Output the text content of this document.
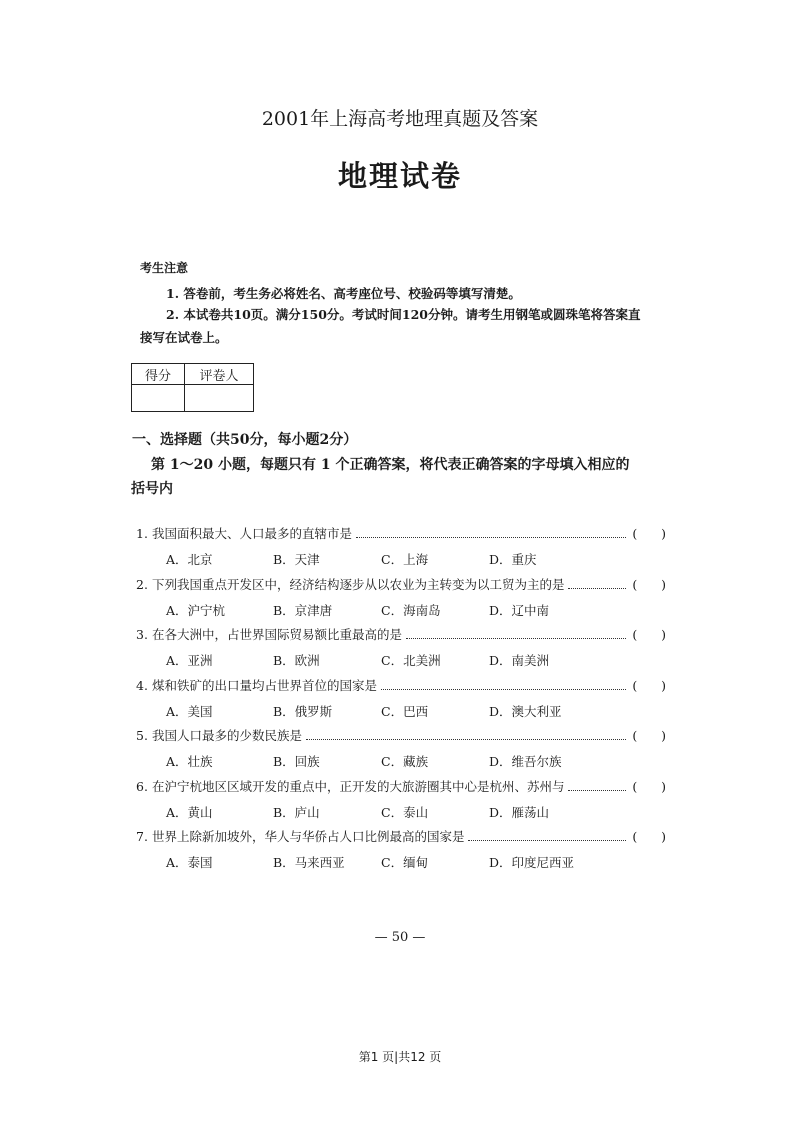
2001年上海高考地理真题及答案
地理试卷
考生注意
1. 答卷前，考生务必将姓名、高考座位号、校验码等填写清楚。
2. 本试卷共10页。满分150分。考试时间120分钟。请考生用钢笔或圆珠笔将答案直
接写在试卷上。
得分	评卷人

一、选择题（共50分，每小题2分）
第 1～20 小题，每题只有 1 个正确答案，将代表正确答案的字母填入相应的
括号内
1. 我国面积最大、人口最多的直辖市是	(      )
A．北京	B．天津	C．上海	D．重庆
2. 下列我国重点开发区中，经济结构逐步从以农业为主转变为以工贸为主的是	(      )
A．沪宁杭	B．京津唐	C．海南岛	D．辽中南
3. 在各大洲中，占世界国际贸易额比重最高的是	(      )
A．亚洲	B．欧洲	C．北美洲	D．南美洲
4. 煤和铁矿的出口量均占世界首位的国家是	(      )
A．美国	B．俄罗斯	C．巴西	D．澳大利亚
5. 我国人口最多的少数民族是	(      )
A．壮族	B．回族	C．藏族	D．维吾尔族
6. 在沪宁杭地区区域开发的重点中，正开发的大旅游圈其中心是杭州、苏州与	(      )
A．黄山	B．庐山	C．泰山	D．雁荡山
7. 世界上除新加坡外，华人与华侨占人口比例最高的国家是	(      )
A．泰国	B．马来西亚	C．缅甸	D．印度尼西亚
— 50 —
第1 页|共12 页
